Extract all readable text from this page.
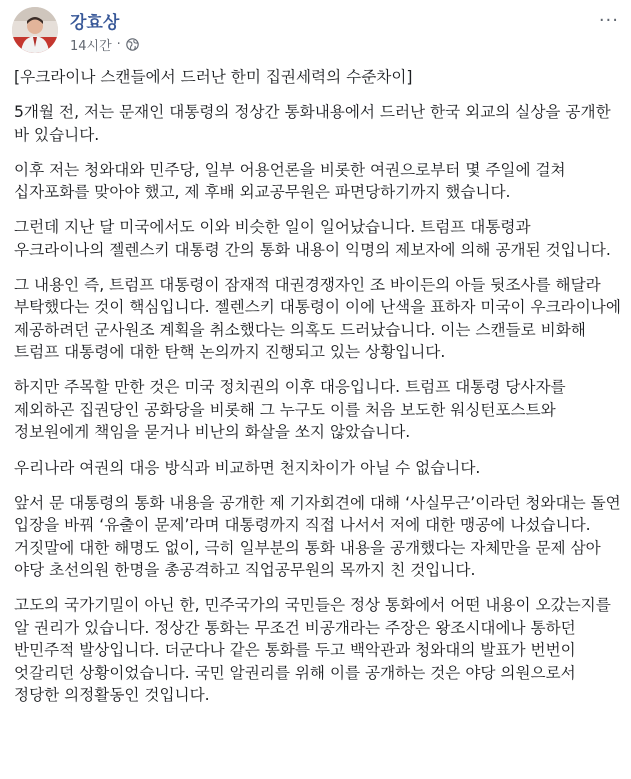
강효상
14시간 ·
···

[우크라이나 스캔들에서 드러난 한미 집권세력의 수준차이]

5개월 전, 저는 문재인 대통령의 정상간 통화내용에서 드러난 한국 외교의 실상을 공개한 바 있습니다.

이후 저는 청와대와 민주당, 일부 어용언론을 비롯한 여권으로부터 몇 주일에 걸쳐 십자포화를 맞아야 했고, 제 후배 외교공무원은 파면당하기까지 했습니다.

그런데 지난 달 미국에서도 이와 비슷한 일이 일어났습니다. 트럼프 대통령과 우크라이나의 젤렌스키 대통령 간의 통화 내용이 익명의 제보자에 의해 공개된 것입니다.

그 내용인 즉, 트럼프 대통령이 잠재적 대권경쟁자인 조 바이든의 아들 뒷조사를 해달라 부탁했다는 것이 핵심입니다. 젤렌스키 대통령이 이에 난색을 표하자 미국이 우크라이나에 제공하려던 군사원조 계획을 취소했다는 의혹도 드러났습니다. 이는 스캔들로 비화해 트럼프 대통령에 대한 탄핵 논의까지 진행되고 있는 상황입니다.

하지만 주목할 만한 것은 미국 정치권의 이후 대응입니다. 트럼프 대통령 당사자를 제외하곤 집권당인 공화당을 비롯해 그 누구도 이를 처음 보도한 워싱턴포스트와 정보원에게 책임을 묻거나 비난의 화살을 쏘지 않았습니다.

우리나라 여권의 대응 방식과 비교하면 천지차이가 아닐 수 없습니다.

앞서 문 대통령의 통화 내용을 공개한 제 기자회견에 대해 ‘사실무근’이라던 청와대는 돌연 입장을 바꿔 ‘유출이 문제’라며 대통령까지 직접 나서서 저에 대한 맹공에 나섰습니다. 거짓말에 대한 해명도 없이, 극히 일부분의 통화 내용을 공개했다는 자체만을 문제 삼아 야당 초선의원 한명을 총공격하고 직업공무원의 목까지 친 것입니다.

고도의 국가기밀이 아닌 한, 민주국가의 국민들은 정상 통화에서 어떤 내용이 오갔는지를 알 권리가 있습니다. 정상간 통화는 무조건 비공개라는 주장은 왕조시대에나 통하던 반민주적 발상입니다. 더군다나 같은 통화를 두고 백악관과 청와대의 발표가 번번이 엇갈리던 상황이었습니다. 국민 알권리를 위해 이를 공개하는 것은 야당 의원으로서 정당한 의정활동인 것입니다.
